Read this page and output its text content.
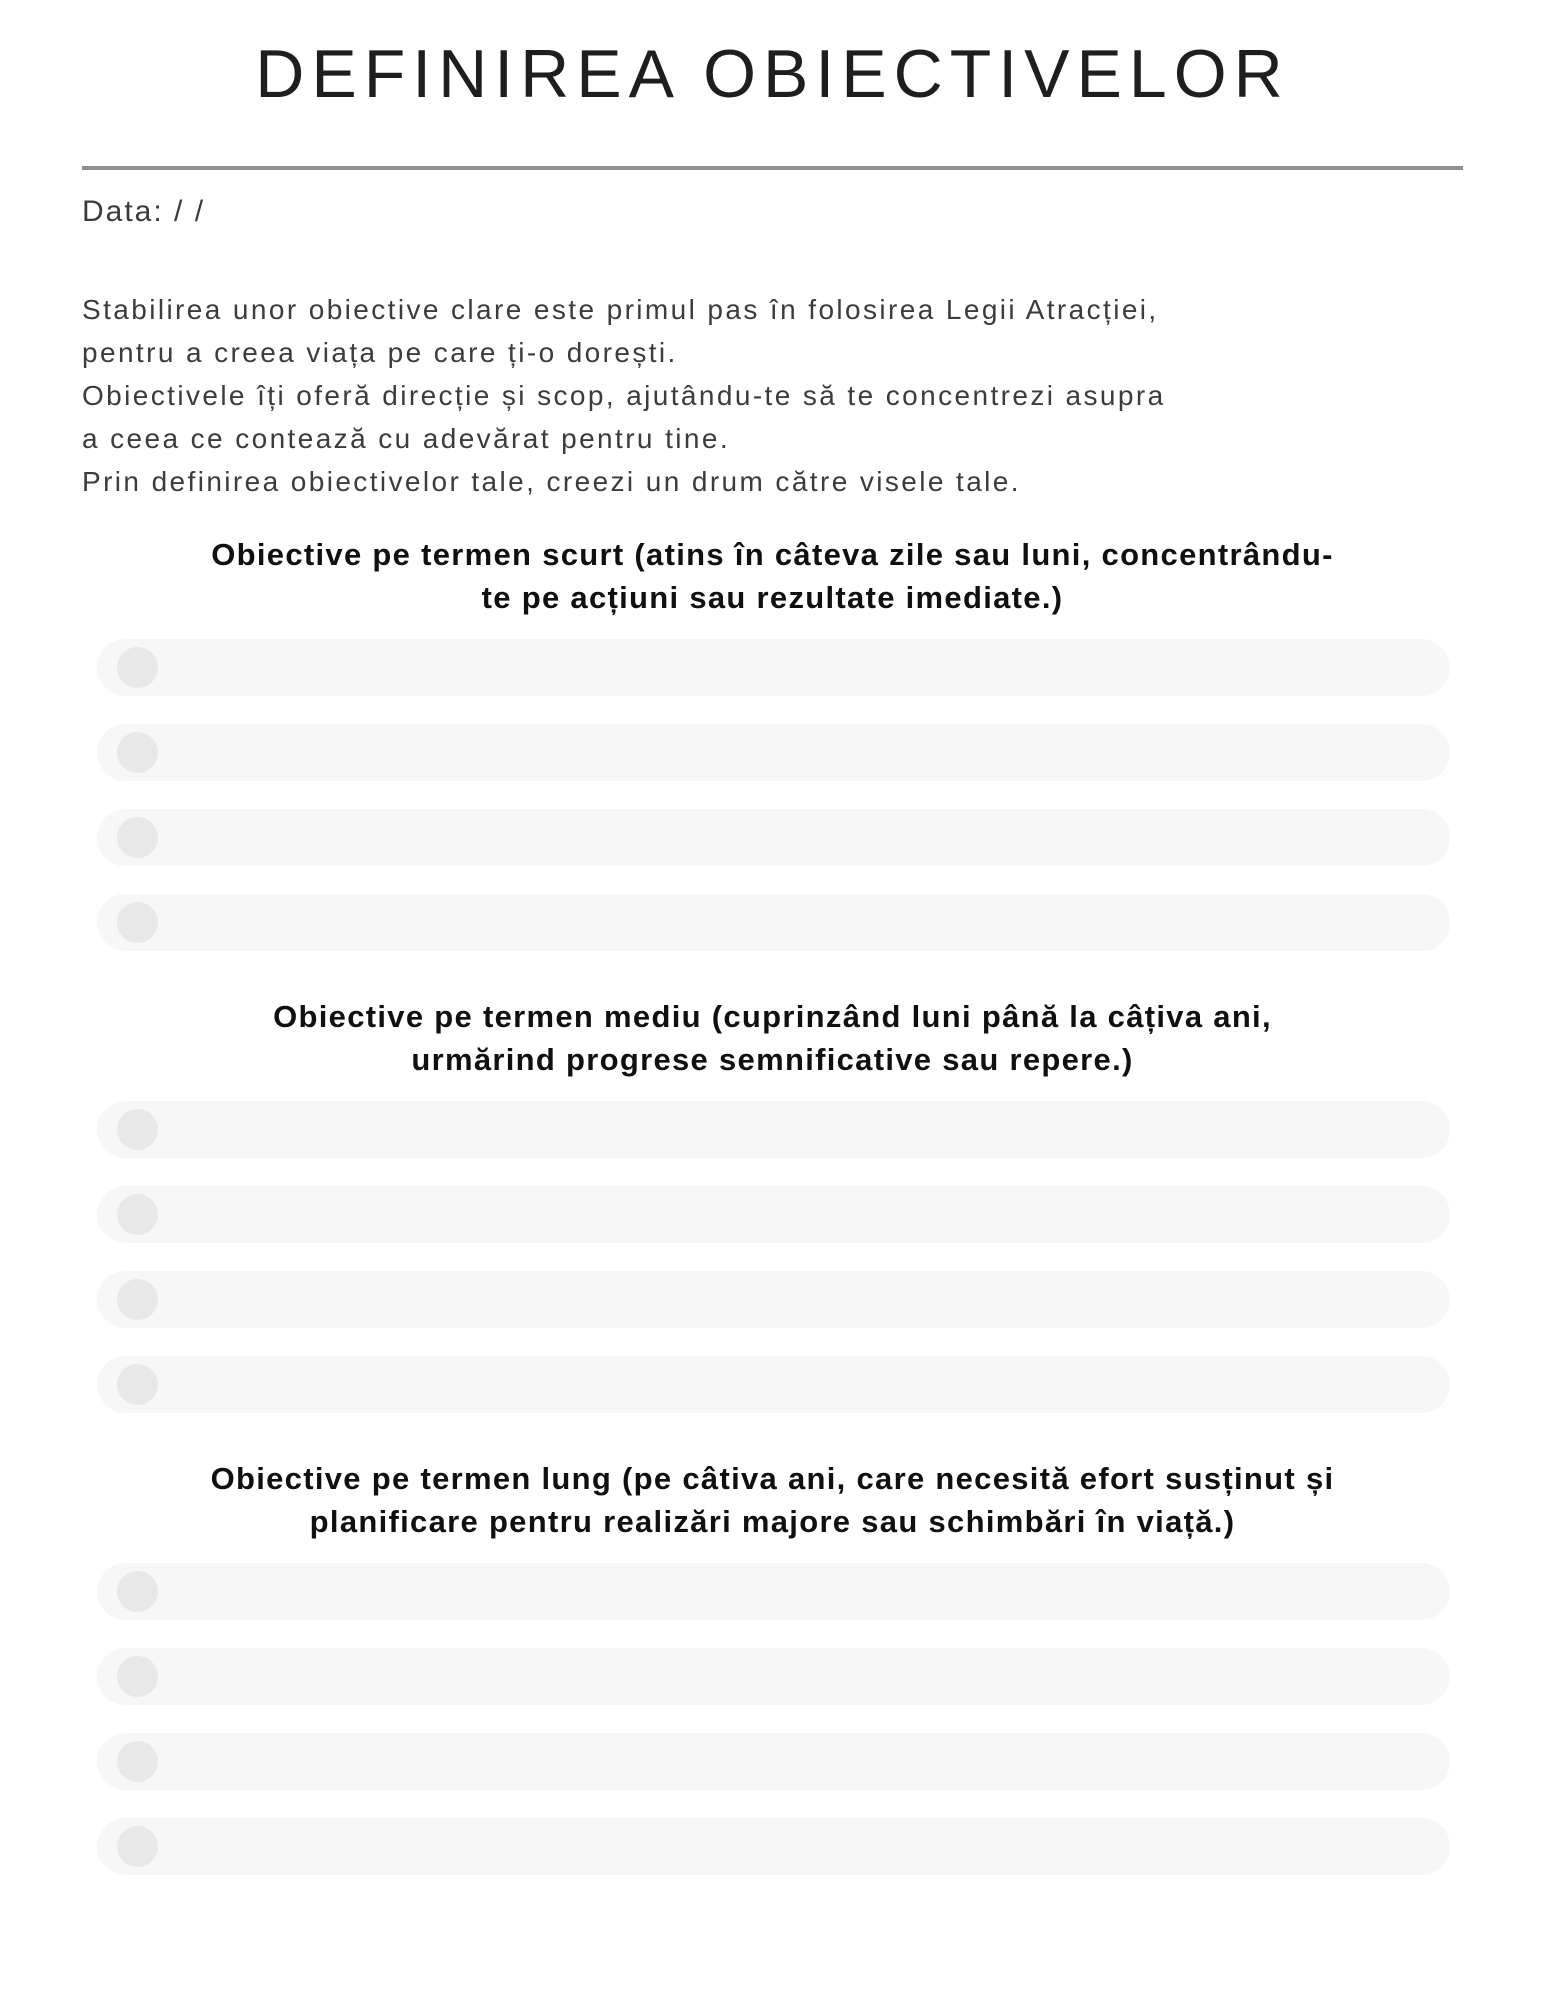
DEFINIREA OBIECTIVELOR
Data: / /
Stabilirea unor obiective clare este primul pas în folosirea Legii Atracției,
pentru a creea viața pe care ți-o dorești.
Obiectivele îți oferă direcție și scop, ajutându-te să te concentrezi asupra
a ceea ce contează cu adevărat pentru tine.
Prin definirea obiectivelor tale, creezi un drum către visele tale.
Obiective pe termen scurt (atins în câteva zile sau luni, concentrându-
te pe acțiuni sau rezultate imediate.)
Obiective pe termen mediu (cuprinzând luni până la câțiva ani,
urmărind progrese semnificative sau repere.)
Obiective pe termen lung (pe câtiva ani, care necesită efort susținut și
planificare pentru realizări majore sau schimbări în viață.)
